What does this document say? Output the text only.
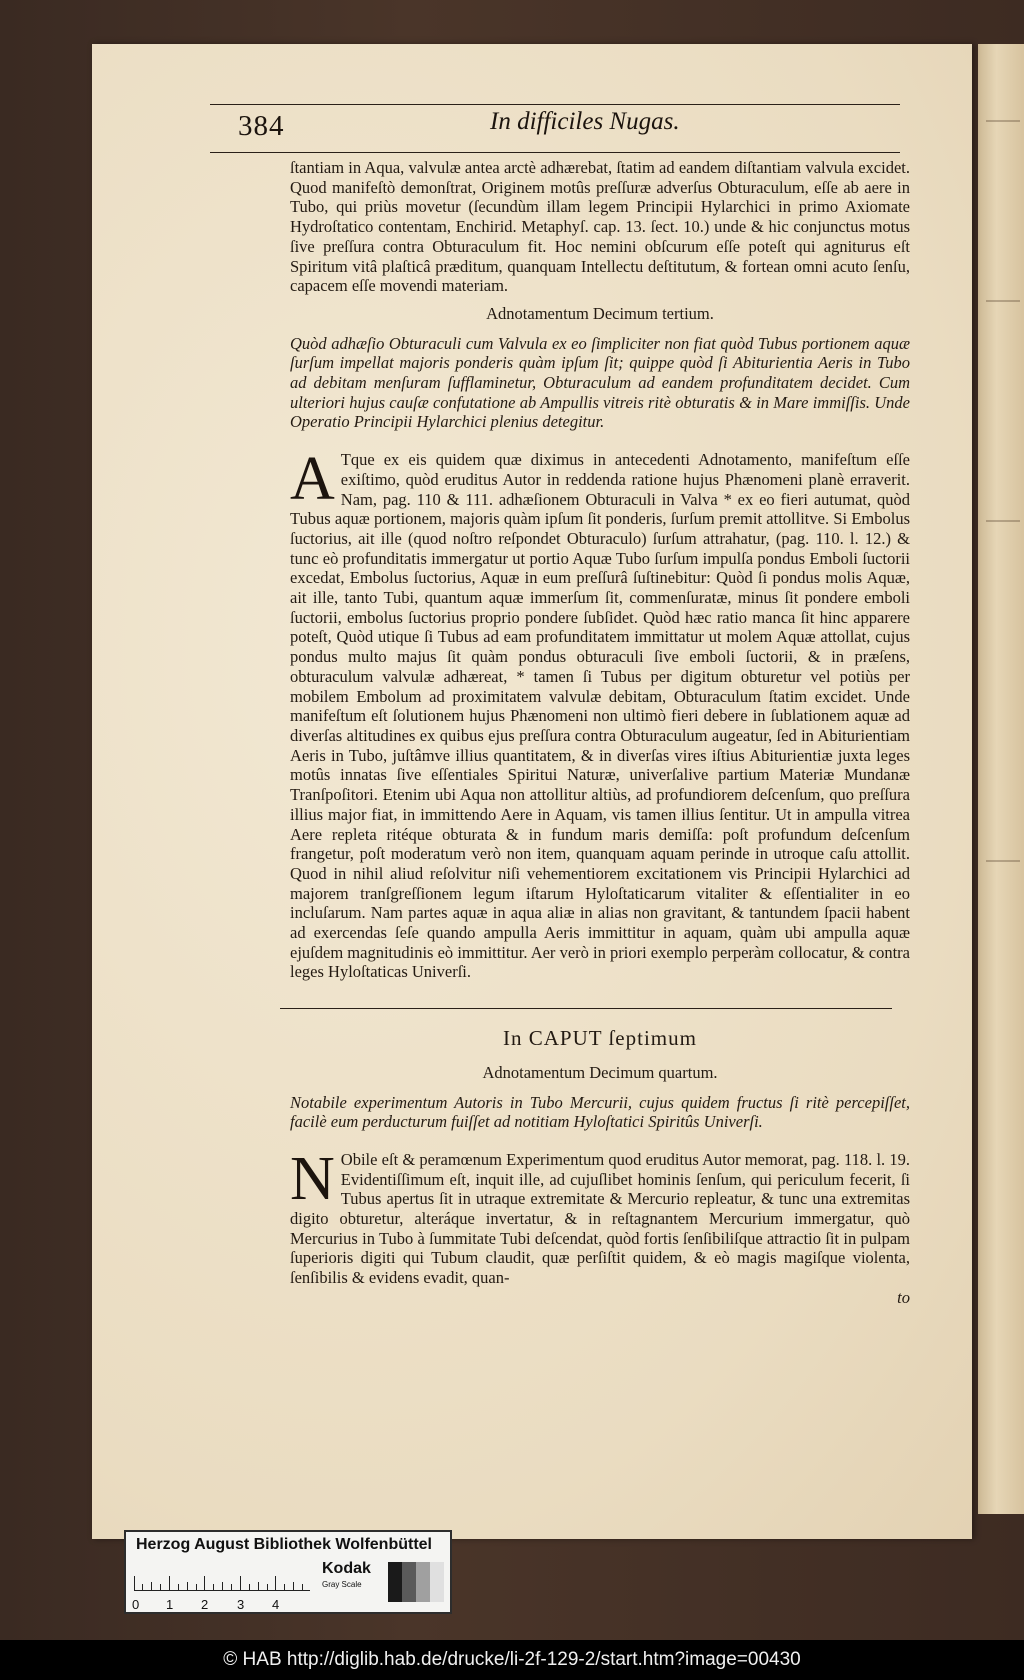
384	In difficiles Nugas.

ſtantiam in Aqua, valvulæ antea arctè adhærebat, ſtatim ad eandem diſtantiam valvula excidet. Quod manifeſtò demonſtrat, Originem motûs preſſuræ adverſus Obturaculum, eſſe ab aere in Tubo, qui priùs movetur (ſecundùm illam legem Principii Hylarchici in primo Axiomate Hydroſtatico contentam, Enchirid. Metaphyſ. cap. 13. ſect. 10.) unde & hic conjunctus motus ſive preſſura contra Obturaculum fit. Hoc nemini obſcurum eſſe poteſt qui agniturus eſt Spiritum vitâ plaſticâ præditum, quanquam Intellectu deſtitutum, & fortean omni acuto ſenſu, capacem eſſe movendi materiam.

Adnotamentum Decimum tertium.

Quòd adhæſio Obturaculi cum Valvula ex eo ſimpliciter non fiat quòd Tubus portionem aquæ ſurſum impellat majoris ponderis quàm ipſum ſit; quippe quòd ſi Abiturientia Aeris in Tubo ad debitam menſuram ſufflaminetur, Obturaculum ad eandem profunditatem decidet. Cum ulteriori hujus cauſæ confutatione ab Ampullis vitreis ritè obturatis & in Mare immiſſis. Unde Operatio Principii Hylarchici plenius detegitur.

A Tque ex eis quidem quæ diximus in antecedenti Adnotamento, manifeſtum eſſe exiſtimo, quòd eruditus Autor in reddenda ratione hujus Phænomeni planè erraverit. Nam, pag. 110 & 111. adhæſionem Obturaculi in Valva * ex eo fieri autumat, quòd Tubus aquæ portionem, majoris quàm ipſum ſit ponderis, ſurſum premit attollitve. Si Embolus ſuctorius, ait ille (quod noſtro reſpondet Obturaculo) ſurſum attrahatur, (pag. 110. l. 12.) & tunc eò profunditatis immergatur ut portio Aquæ Tubo ſurſum impulſa pondus Emboli ſuctorii excedat, Embolus ſuctorius, Aquæ in eum preſſurâ ſuſtinebitur: Quòd ſi pondus molis Aquæ, ait ille, tanto Tubi, quantum aquæ immerſum ſit, commenſuratæ, minus ſit pondere emboli ſuctorii, embolus ſuctorius proprio pondere ſubſidet. Quòd hæc ratio manca ſit hinc apparere poteſt, Quòd utique ſi Tubus ad eam profunditatem immittatur ut molem Aquæ attollat, cujus pondus multo majus ſit quàm pondus obturaculi ſive emboli ſuctorii, & in præſens, obturaculum valvulæ adhæreat, * tamen ſi Tubus per digitum obturetur vel potiùs per mobilem Embolum ad proximitatem valvulæ debitam, Obturaculum ſtatim excidet. Unde manifeſtum eſt ſolutionem hujus Phænomeni non ultimò fieri debere in ſublationem aquæ ad diverſas altitudines ex quibus ejus preſſura contra Obturaculum augeatur, ſed in Abiturientiam Aeris in Tubo, juſtâmve illius quantitatem, & in diverſas vires iſtius Abiturientiæ juxta leges motûs innatas ſive eſſentiales Spiritui Naturæ, univerſalive partium Materiæ Mundanæ Tranſpoſitori. Etenim ubi Aqua non attollitur altiùs, ad profundiorem deſcenſum, quo preſſura illius major fiat, in immittendo Aere in Aquam, vis tamen illius ſentitur. Ut in ampulla vitrea Aere repleta ritéque obturata & in fundum maris demiſſa: poſt profundum deſcenſum frangetur, poſt moderatum verò non item, quanquam aquam perinde in utroque caſu attollit. Quod in nihil aliud reſolvitur niſi vehementiorem excitationem vis Principii Hylarchici ad majorem tranſgreſſionem legum iſtarum Hyloſtaticarum vitaliter & eſſentialiter in eo incluſarum. Nam partes aquæ in aqua aliæ in alias non gravitant, & tantundem ſpacii habent ad exercendas ſeſe quando ampulla Aeris immittitur in aquam, quàm ubi ampulla aquæ ejuſdem magnitudinis eò immittitur. Aer verò in priori exemplo perperàm collocatur, & contra leges Hyloſtaticas Univerſi.

In CAPUT ſeptimum

Adnotamentum Decimum quartum.

Notabile experimentum Autoris in Tubo Mercurii, cujus quidem fructus ſi ritè percepiſſet, facilè eum perducturum fuiſſet ad notitiam Hyloſtatici Spiritûs Univerſi.

N Obile eſt & peramœnum Experimentum quod eruditus Autor memorat, pag. 118. l. 19. Evidentiſſimum eſt, inquit ille, ad cujuſlibet hominis ſenſum, qui periculum fecerit, ſi Tubus apertus ſit in utraque extremitate & Mercurio repleatur, & tunc una extremitas digito obturetur, alteráque invertatur, & in reſtagnantem Mercurium immergatur, quò Mercurius in Tubo à ſummitate Tubi deſcendat, quòd fortis ſenſibiliſque attractio ſit in pulpam ſuperioris digiti qui Tubum claudit, quæ perſiſtit quidem, & eò magis magiſque violenta, ſenſibilis & evidens evadit, quan-

to

Herzog August Bibliothek Wolfenbüttel
0 1 2 3 4
Kodak
Gray Scale
© HAB http://diglib.hab.de/drucke/li-2f-129-2/start.htm?image=00430
